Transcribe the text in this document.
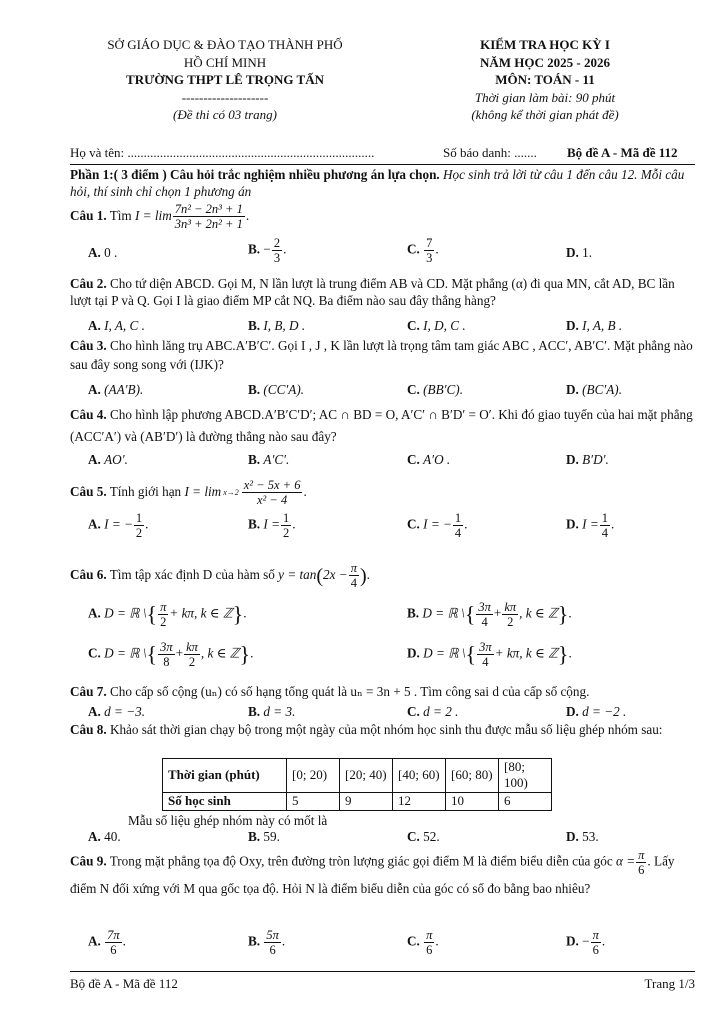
SỞ GIÁO DỤC & ĐÀO TẠO THÀNH PHỐ
HỒ CHÍ MINH
TRƯỜNG THPT LÊ TRỌNG TẤN
--------------------
(Đề thi có 03 trang)
KIỂM TRA HỌC KỲ I
NĂM HỌC 2025 - 2026
MÔN: TOÁN - 11
Thời gian làm bài: 90 phút
(không kể thời gian phát đề)
Họ và tên: ............................................................................	Số báo danh: ....... Bộ đề A - Mã đề 112
Phần 1:( 3 điểm ) Câu hỏi trắc nghiệm nhiều phương án lựa chọn. Học sinh trả lời từ câu 1 đến câu 12. Mỗi câu hỏi, thí sinh chỉ chọn 1 phương án
Câu 1. Tìm $I = \lim \frac{\text{7n² − 2n³ + 1}}{\text{3n³ + 2n² + 1}}$ .
A. 0 .	B. − $\frac{2}{3}$ .	C. $\frac{7}{3}$ .	D. 1.
Câu 2. Cho tứ diện ABCD. Gọi M, N lần lượt là trung điểm AB và CD. Mặt phẳng (α) đi qua MN, cắt AD, BC lần lượt tại P và Q. Gọi I là giao điểm MP cắt NQ. Ba điểm nào sau đây thẳng hàng?
A. I, A, C .	B. I, B, D .	C. I, D, C .	D. I, A, B .
Câu 3. Cho hình lăng trụ ABC.A′B′C′. Gọi I , J , K lần lượt là trọng tâm tam giác ABC , ACC′, AB′C′. Mặt phẳng nào sau đây song song với (IJK)?
A. (AA′B).	B. (CC′A).	C. (BB′C).	D. (BC′A).
Câu 4. Cho hình lập phương ABCD.A′B′C′D′; AC ∩ BD = O, A′C′ ∩ B′D′ = O′. Khi đó giao tuyến của hai mặt phẳng (ACC′A′) và (AB′D′) là đường thẳng nào sau đây?
A. AO′.	B. A′C′.	C. A′O .	D. B′D′.
Câu 5. Tính giới hạn $I = \lim x\to 2 \frac{\text{x² − 5x + 6}}{\text{x² − 4}}$ .
A. I = − $\frac{1}{2}$ .	B. $I = \frac{1}{2}$ .	C. I = − $\frac{1}{4}$ .	D. $I = \frac{1}{4}$ .
Câu 6. Tìm tập xác định D của hàm số $y = \tan(2x - \frac{\pi}{4}$ ).
A. D = ℝ \{ $\frac{\pi}{2} + k\pi$, k ∈ ℤ}.	B. D = ℝ \{ $\frac{3\pi}{4} + \frac{k\pi}{2}$ , k ∈ ℤ}.
C. D = ℝ \{ $\frac{3\pi}{8} + \frac{k\pi}{2}$ , k ∈ ℤ}.	D. D = ℝ \{ $\frac{3\pi}{4} + k\pi$, k ∈ ℤ}.
Câu 7. Cho cấp số cộng (uₙ) có số hạng tổng quát là uₙ = 3n + 5 . Tìm công sai d của cấp số cộng.
A. d = −3.	B. d = 3.	C. d = 2 .	D. d = −2 .
Câu 8. Khảo sát thời gian chạy bộ trong một ngày của một nhóm học sinh thu được mẫu số liệu ghép nhóm sau:
Thời gian (phút)	[0; 20)	[20; 40)	[40; 60)	[60; 80)	[80; 100)
Số học sinh	5	9	12	10	6
Mẫu số liệu ghép nhóm này có mốt là
A. 40.	B. 59.	C. 52.	D. 53.
Câu 9. Trong mặt phẳng tọa độ Oxy, trên đường tròn lượng giác gọi điểm M là điểm biểu diễn của góc $\alpha = \frac{\pi}{6}$ . Lấy điểm N đối xứng với M qua gốc tọa độ. Hỏi N là điểm biểu diễn của góc có số đo bằng bao nhiêu?
A. $\frac{7\pi}{6}$ .	B. $\frac{5\pi}{6}$ .	C. $\frac{\pi}{6}$ .	D. − $\frac{\pi}{6}$ .
Bộ đề A - Mã đề 112	Trang 1/3
